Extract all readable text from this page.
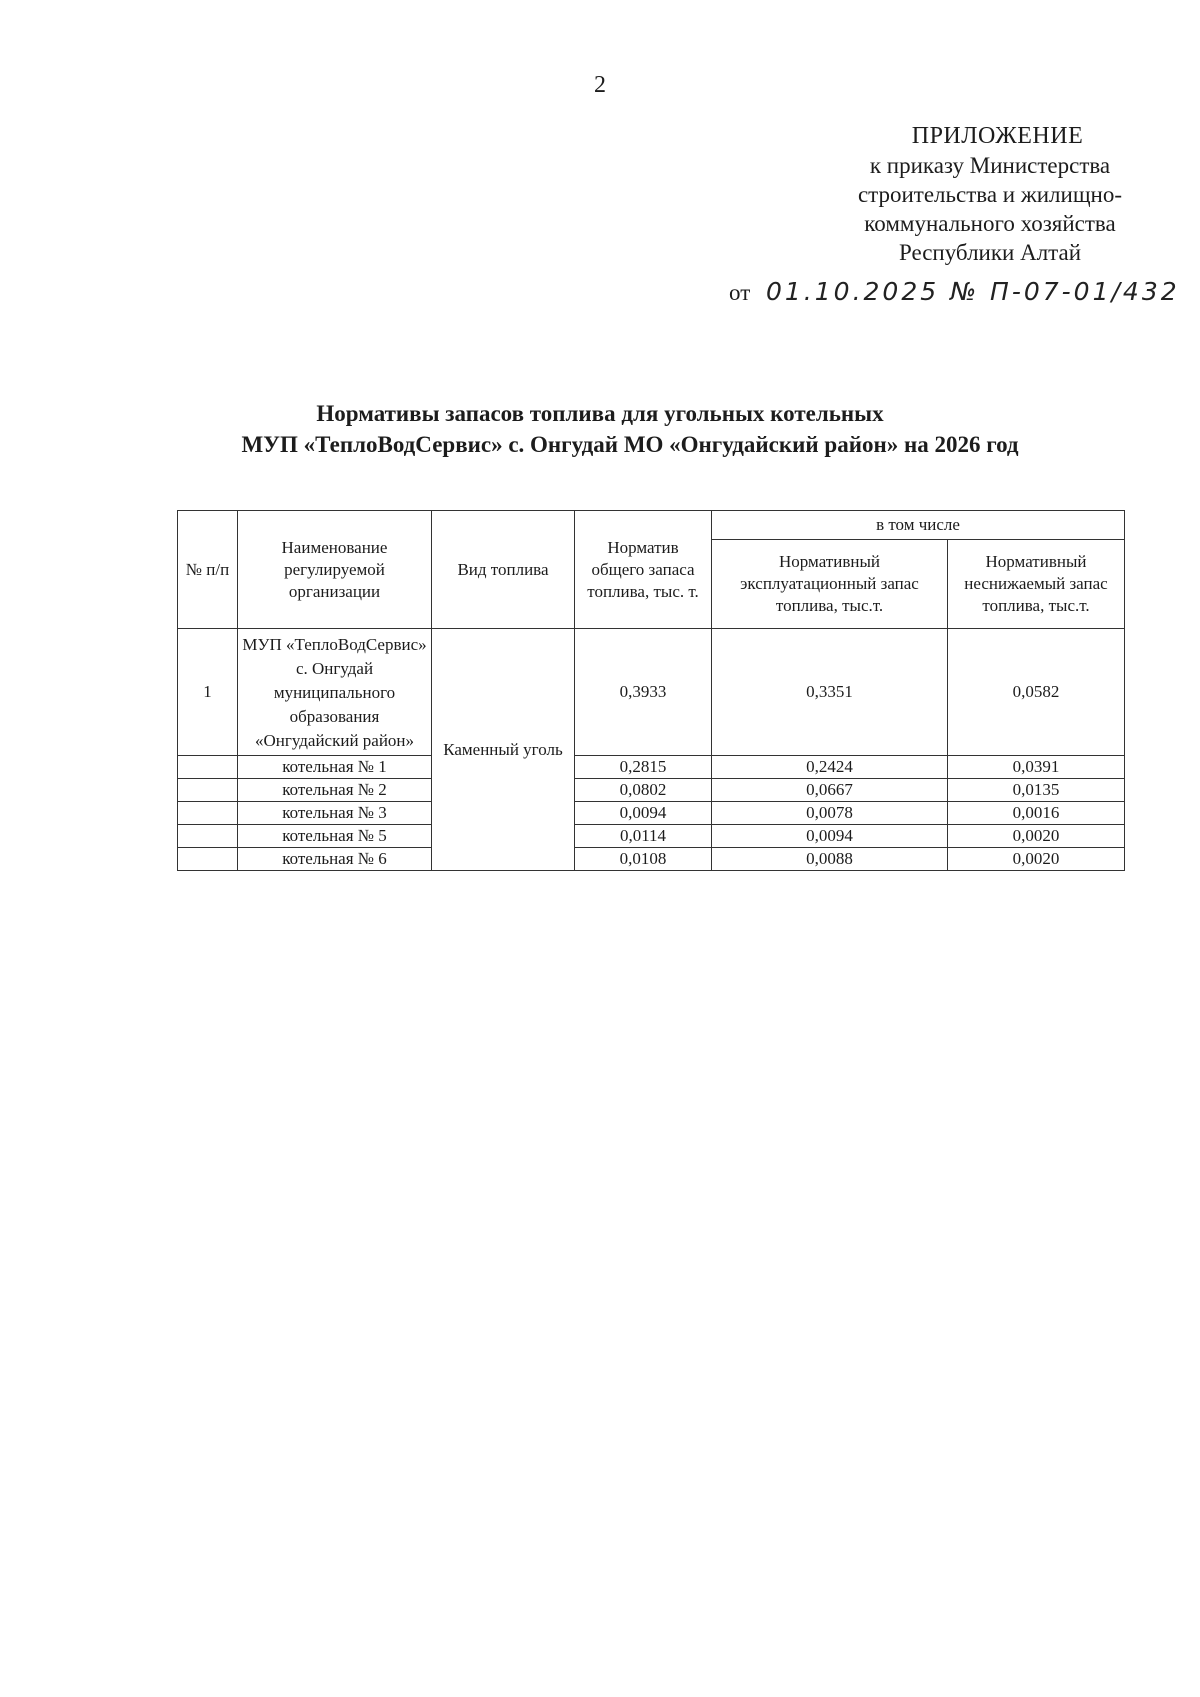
2
ПРИЛОЖЕНИЕ
к приказу Министерства
строительства и жилищно-
коммунального хозяйства
Республики Алтай
от 01.10.2025 № П-07-01/432
Нормативы запасов топлива для угольных котельных
МУП «ТеплоВодСервис» с. Онгудай МО «Онгудайский район» на 2026 год
№ п/п	Наименование регулируемой организации	Вид топлива	Норматив общего запаса топлива, тыс. т.	в том числе	
				Нормативный эксплуатационный запас топлива, тыс.т.	Нормативный неснижаемый запас топлива, тыс.т.
1	МУП «ТеплоВодСервис» с. Онгудай муниципального образования «Онгудайский район»	Каменный уголь	0,3933	0,3351	0,0582
	котельная № 1		0,2815	0,2424	0,0391
	котельная № 2		0,0802	0,0667	0,0135
	котельная № 3		0,0094	0,0078	0,0016
	котельная № 5		0,0114	0,0094	0,0020
	котельная № 6		0,0108	0,0088	0,0020
